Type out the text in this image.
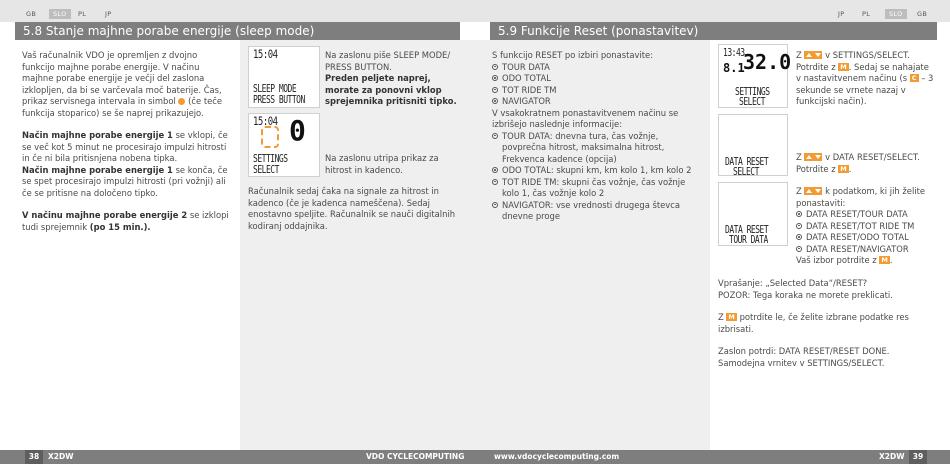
GB	SLO	PL	JP	JP	PL	SLO	GB
5.8 Stanje majhne porabe energije (sleep mode)	5.9 Funkcije Reset (ponastavitev)

Vaš računalnik VDO je opremljen z dvojno funkcijo majhne porabe energije. V načinu majhne porabe energije je večji del zaslona izklopljen, da bi se varčevala moč baterije. Čas, prikaz servisnega intervala in simbol (če teče funkcija stoparico) se še naprej prikazujejo.

Način majhne porabe energije 1 se vklopi, če se več kot 5 minut ne procesirajo impulzi hitrosti in če ni bila pritisnjena nobena tipka.

Način majhne porabe energije 1 se konča, če se spet procesirajo impulzi hitrosti (pri vožnji) ali če se pritisne na določeno tipko.

V načinu majhne porabe energije 2 se izklopi tudi sprejemnik (po 15 min.).

15:04
SLEEP MODE
PRESS BUTTON

Na zaslonu piše SLEEP MODE/ PRESS BUTTON.

Preden peljete naprej, morate za ponovni vklop sprejemnika pritisniti tipko.

15:04 0
SETTINGS
SELECT

Na zaslonu utripa prikaz za hitrost in kadenco.

Računalnik sedaj čaka na signale za hitrost in kadenco (če je kadenca nameščena). Sedaj enostavno speljite. Računalnik se nauči digitalnih kodiranj oddajnika.

S funkcijo RESET po izbiri ponastavite:

TOUR DATA

ODO TOTAL

TOT RIDE TM

NAVIGATOR

V vsakokratnem ponastavitvenem načinu se izbrišejo naslednje informacije:

TOUR DATA: dnevna tura, čas vožnje, povprečna hitrost, maksimalna hitrost, Frekvenca kadence (opcija)

ODO TOTAL: skupni km, km kolo 1, km kolo 2

TOT RIDE TM: skupni čas vožnje, čas vožnje kolo 1, čas vožnje kolo 2

NAVIGATOR: vse vrednosti drugega števca dnevne proge

13:43
32.0
8.1
SETTINGS
SELECT
Z	v SETTINGS/SELECT. Potrdite z M . Sedaj se nahajate v nastavitvenem načinu (s C – 3 sekunde se vrnete nazaj v funkcijski način).
DATA RESET
SELECT
Z	v DATA RESET/SELECT. Potrdite z M .
DATA RESET
TOUR DATA

Z	k podatkom, ki jih želite ponastaviti:

DATA RESET/TOUR DATA

DATA RESET/TOT RIDE TM

DATA RESET/ODO TOTAL

DATA RESET/NAVIGATOR

Vaš izbor potrdite z M .

Vprašanje: „Selected Data“/RESET?

POZOR: Tega koraka ne morete preklicati.

Z M potrdite le, če želite izbrane podatke res izbrisati.

Zaslon potrdi: DATA RESET/RESET DONE. Samodejna vrnitev v SETTINGS/SELECT.

38	X2DW	VDO CYCLECOMPUTING	www.vdocyclecomputing.com	X2DW	39
